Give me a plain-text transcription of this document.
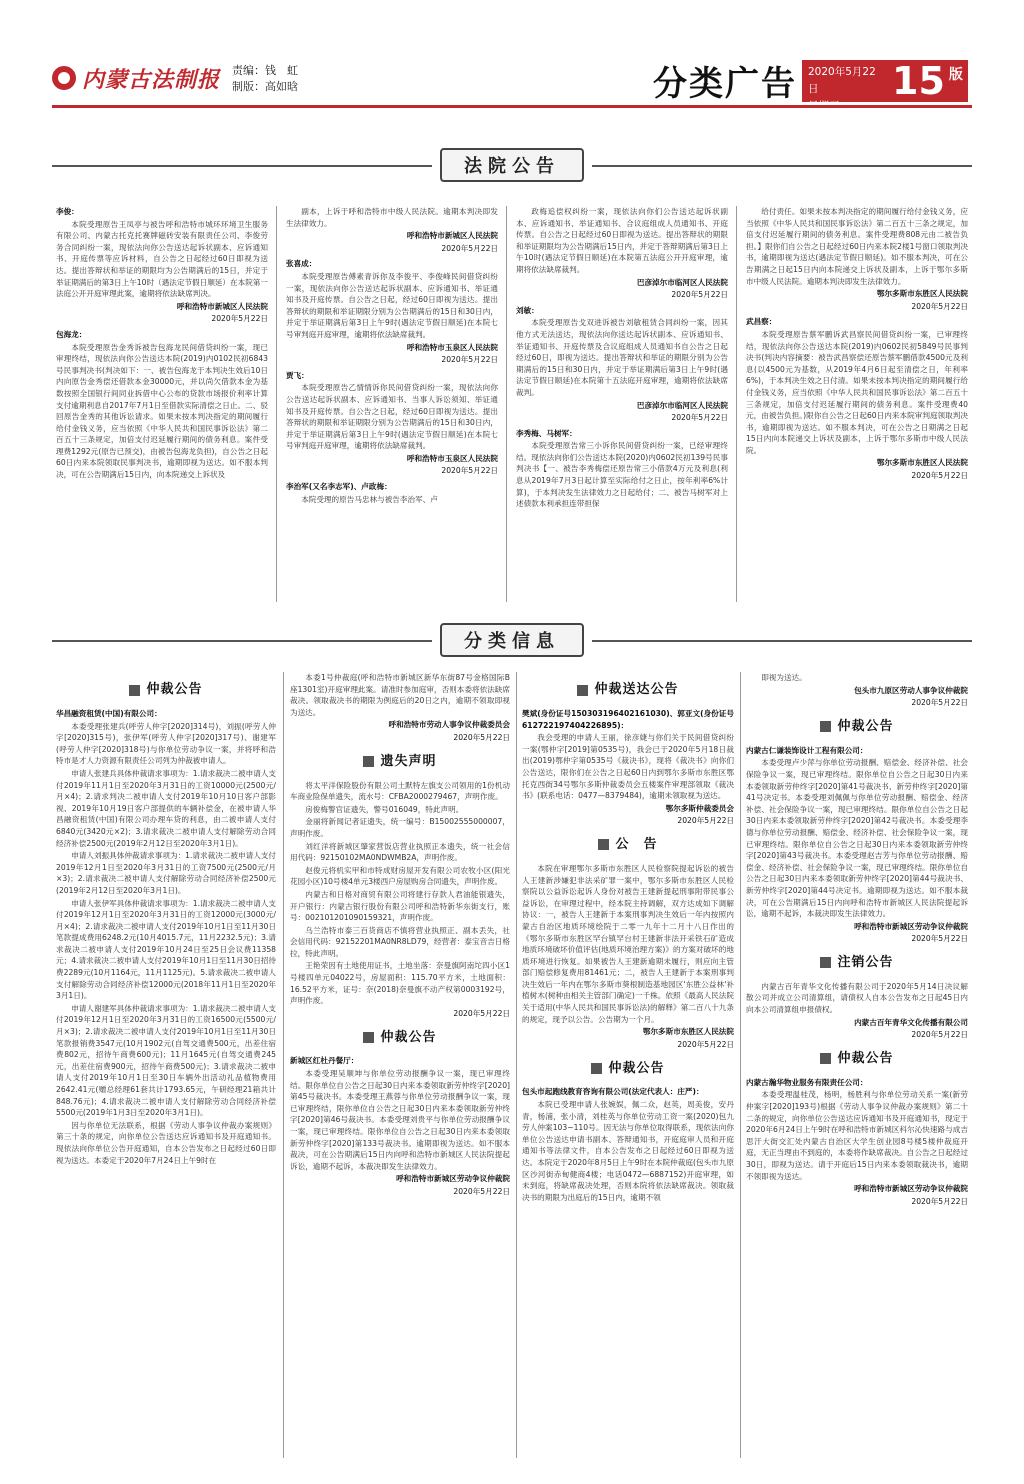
内蒙古法制报 责编：钱　虹
制版：高如晗	分类广告 2020年5月22日	15 版
法院公告

李俊：

本院受理原告王凤亭与被告呼和浩特市城环环境卫生服务有限公司、内蒙古托克托赛牌磁砖安装有限责任公司、李俊劳务合同纠纷一案，现依法向你公告送达起诉状副本、应诉通知书、开庭传票等应诉材料，自公告之日起经过60日即视为送达。提出答辩状和举证的期限均为公告期满后的15日，并定于举证期满后的第3日上午10时（遇法定节假日顺延）在本院第一法庭公开开庭审理此案，逾期将依法缺席判决。

呼和浩特市新城区人民法院

2020年5月22日

包海龙：

本院受理原告金秀诉被告包海龙民间借贷纠纷一案，现已审理终结，现依法向你公告送达本院(2019)内0102民初6843号民事判决书(判决如下：一、被告包海龙于本判决生效后10日内向原告金秀偿还借款本金30000元，并以尚欠借款本金为基数按照全国银行间同业拆借中心公布的贷款市场报价利率计算支付逾期利息自2017年7月1日至借款实际清偿之日止。二、驳回原告金秀的其他诉讼请求。如果未按本判决指定的期间履行给付金钱义务，应当依照《中华人民共和国民事诉讼法》第二百五十三条规定，加倍支付迟延履行期间的债务利息。案件受理费1292元(原告已预交)，由被告包海龙负担)，自公告之日起60日内来本院领取民事判决书，逾期即视为送达。如不服本判决，可在公告期满后15日内，向本院递交上诉状及

副本，上诉于呼和浩特市中级人民法院。逾期本判决即发生法律效力。

呼和浩特市新城区人民法院

2020年5月22日

张喜成：

本院受理原告傅素青诉你及李俊平、李俊峰民间借贷纠纷一案，现依法向你公告送达起诉状副本、应诉通知书、举证通知书及开庭传票。自公告之日起，经过60日即视为送达。提出答辩状的期限和举证期限分别为公告期满后的15日和30日内，并定于举证期满后第3日上午9时(遇法定节假日顺延)在本院七号审判庭开庭审理，逾期将依法缺席裁判。

呼和浩特市玉泉区人民法院

2020年5月22日

贾飞：

本院受理原告乙情情诉你民间借贷纠纷一案，现依法向你公告送达起诉状副本、应诉通知书、当事人诉讼须知、举证通知书及开庭传票。自公告之日起，经过60日即视为送达。提出答辩状的期限和举证期限分别为公告期满后的15日和30日内，并定于举证期满后第3日上午9时(遇法定节假日顺延)在本院七号审判庭开庭审理，逾期将依法缺席裁判。

呼和浩特市玉泉区人民法院

2020年5月22日

李治军(又名李志军)、卢政梅：

本院受理的原告马忠林与被告李治军、卢

政梅追偿权纠纷一案，现依法向你们公告送达起诉状副本、应诉通知书、举证通知书、合议庭组成人员通知书、开庭传票。自公告之日起经过60日即视为送达。提出答辩状的期限和举证期限均为公告期满后15日内，并定于答辩期满后第3日上午10时(遇法定节假日顺延)在本院第五法庭公开开庭审理，逾期将依法缺席裁判。

巴彦淖尔市临河区人民法院

2020年5月22日

刘敏：

本院受理原告戈双进诉被告刘敏租赁合同纠纷一案，因其他方式无法送达，现依法向你送达起诉状副本、应诉通知书、举证通知书、开庭传票及合议庭组成人员通知书自公告之日起经过60日，即视为送达。提出答辩状和举证的期限分别为公告期满后的15日和30日内，并定于举证期满后第3日上午9时(遇法定节假日顺延)在本院第十五法庭开庭审理，逾期将依法缺席裁判。

巴彦淖尔市临河区人民法院

2020年5月22日

李秀梅、马树军：

本院受理原告常三小诉你民间借贷纠纷一案，已经审理终结。现依法向你们公告送达本院(2020)内0602民初139号民事判决书【一、被告李秀梅偿还原告常三小借款4万元及利息(利息从2019年7月3日起计算至实际给付之日止，按年利率6%计算)，于本判决发生法律效力之日起给付；二、被告马树军对上述债款本利承担连带担保

给付责任。如果未按本判决指定的期间履行给付金钱义务，应当依照《中华人民共和国民事诉讼法》第二百五十三条之规定，加倍支付迟延履行期间的债务利息。案件受理费808元由二被告负担。】限你们自公告之日起经过60日内来本院2楼1号窗口领取判决书，逾期即视为送达(遇法定节假日顺延)。如不服本判决，可在公告期满之日起15日内向本院递交上诉状及副本，上诉于鄂尔多斯市中级人民法院。逾期本判决即发生法律效力。

鄂尔多斯市东胜区人民法院

2020年5月22日

武昌察：

本院受理原告蔡军鹏诉武昌察民间借贷纠纷一案，已审理终结，现依法向你公告送达本院(2019)内0602民初5849号民事判决书(判决内容摘要：被告武昌察偿还原告蔡军鹏借款4500元及利息(以4500元为基数，从2019年4月6日起至清偿之日，年利率6%)，于本判决生效之日付清。如果未按本判决指定的期间履行给付金钱义务，应当依照《中华人民共和国民事诉讼法》第二百五十三条规定，加倍支付迟延履行期间的债务利息。案件受理费40元，由被告负担。)限你自公告之日起60日内来本院审判庭领取判决书，逾期即视为送达。如不服本判决，可在公告之日期满之日起15日内向本院递交上诉状及副本，上诉于鄂尔多斯市中级人民法院。

鄂尔多斯市东胜区人民法院

2020年5月22日

分类信息
仲裁公告

华昌融资租赁(中国)有限公司：

本委受理张建兵(呼劳人仲字[2020]314号)，刘振(呼劳人仲字[2020]315号)，张伊军(呼劳人仲字[2020]317号)、谢建军(呼劳人仲字[2020]318号)与你单位劳动争议一案，并将呼和浩特市是才人力资源有限责任公司列为仲裁被申请人。

申请人张建兵具体仲裁请求事项为：1.请求裁决二被申请人支付2019年11月1日至2020年3月31日的工资10000元(2500元/月×4)；2.请求判决二被申请人支付2019年10月10日客户部影视、2019年10月19日客户部提供的车辆补偿金，在被申请人华昌融资租赁(中国)有限公司办理车贷的利息，由二被申请人支付6840元(3420元×2)；3.请求裁决二被申请人支付解除劳动合同经济补偿2500元(2019年2月12日至2020年3月1日)。

申请人刘振具体仲裁请求事项为：1.请求裁决二被申请人支付2019年12月1日至2020年3月31日的工资7500元(2500元/月×3)；2.请求裁决二被申请人支付解除劳动合同经济补偿2500元(2019年2月12日至2020年3月1日)。

申请人张伊军具体仲裁请求事项为：1.请求裁决二被申请人支付2019年12月1日至2020年3月31日的工资12000元(3000元/月×4)；2.请求裁决二被申请人支付2019年10月1日至11月30日笔款提成费用6248.2元(10月4015.7元，11月2232.5元)；3.请求裁决二被申请人支付2019年10月24日至25日会议费11358元；4.请求裁决二被申请人支付2019年10月1日至11月30日招待费2289元(10月1164元，11月1125元)。5.请求裁决二被申请人支付解除劳动合同经济补偿12000元(2018年11月1日至2020年3月1日)。

申请人谢建军具体仲裁请求事项为：1.请求裁决二被申请人支付2019年12月1日至2020年3月31日的工资16500元(5500元/月×3)；2.请求裁决二被申请人支付2019年10月1日至11月30日笔款报销费3547元(10月1902元(自驾交通费500元，出差住宿费802元，招待午商费600元)；11月1645元(自驾交通费245元，出差住宿费900元，招待午商费500元)；3.请求裁决二被申请人支付2019年10月1日至30日车辆外出活动礼品植物费用2642.41元(赠总经理61套共计1793.65元，午研经理21箱共计848.76元)；4.请求裁决二被申请人支付解除劳动合同经济补偿5500元(2019年1月3日至2020年3月1日)。

因与你单位无法联系，根据《劳动人事争议仲裁办案规则》第三十条的规定，向你单位公告送达应诉通知书及开庭通知书。现依法向你单位公告开庭通知，自本公告发布之日起经过60日即视为送达。本委定于2020年7月24日上午9时在

本委1号仲裁庭(呼和浩特市新城区新华东街87号金格国际B座1301室)开庭审理此案。请准时参加庭审，否则本委将依法缺席裁决。领取裁决书的期限为例庭后的20日之内，逾期不领取即视为送达。

呼和浩特市劳动人事争议仲裁委员会

2020年5月22日

遗失声明

将太平洋保险股份有限公司土默特左旗支公司领用的1份机动车商业险保单遗失，流水号：CFBA2000279467，声明作废。

房俊梅警官证遗失，警号016049，特此声明。

金丽将新闻记者证遗失，统一编号：B15002555000007，声明作废。

刘红洋将新城区肇家营饭店营业执照正本遗失，统一社会信用代码：92150102MA0NDWMB2A，声明作废。

赵俊元将机实甲和市特成财房屋开发有限公司农牧小区(阳光花园小区)10号楼4单元3楼西户房屋购房合同遗失，声明作废。

内蒙古和日格对商贸有限公司将建行存款人君油能银遗失，开户银行：内蒙古银行股份有限公司呼和浩特新华东街支行，账号：002101201090159321，声明作废。

乌兰浩特市泰三百货商店不慎将营业执照正、副本丢失，社会信用代码：92152201MA0NR8LD79，经营者：泰宝音吉日格拉，特此声明。

王艳荣因有土地使用证书，土地坐落：奈曼旗阿南坨四小区1号楼四单元04022号，房屋面积：115.70平方米，土地面积：16.52平方米，证号：奈(2018)奈曼旗不动产权第0003192号，声明作废。

2020年5月22日

仲裁公告

新城区红杜丹餐厅：

本委受理吴顺坤与你单位劳动报酬争议一案，现已审理终结。限你单位自公告之日起30日内来本委领取新劳仲终字[2020]第45号裁决书。本委受理王燕蓉与你单位劳动报酬争议一案，现已审理终结，限你单位自公告之日起30日内来本委领取新劳仲终字[2020]第46号裁决书。本委受理刘贵平与你单位劳动报酬争议一案，现已审理终结。限你单位自公告之日起30日内来本委领取新劳仲终字[2020]第133号裁决书。逾期即视为送达。如不服本裁决，可在公告期满后15日内向呼和浩特市新城区人民法院提起诉讼，逾期不起诉，本裁决即发生法律效力。

呼和浩特市新城区劳动争议仲裁院

2020年5月22日

仲裁送达公告

樊斌(身份证号150303196402161030)、郭亚文(身份证号612722197404226895)：

我会受理的申请人王丽，徐彦婕与你们关于民间借贷纠纷一案(鄂仲字[2019]第0535号)，我会已于2020年5月18日裁出(2019)鄂仲字第0535号《裁决书》，现将《裁决书》向你们公告送达，限你们在公告之日起60日内到鄂尔多斯市东胜区鄂托克西街34号鄂尔多斯仲裁委员会五楼案件审理部领取《裁决书》(联系电话：0477—8379484)，逾期未领取视为送达。

鄂尔多斯仲裁委员会

2020年5月22日

公　告

本院在审理鄂尔多斯市东胜区人民检察院提起诉讼的被告人王建新涉嫌犯非法采矿罪一案中，鄂尔多斯市东胜区人民检察院以公益诉讼起诉人身份对被告王建新提起刑事附带民事公益诉讼，在审理过程中，经本院主持调解，双方达成如下调解协议：一，被告人王建新于本案刑事判决生效后一年内按照内蒙古自治区地质环境绘院于二零一九年十二月十八日作出的《鄂尔多斯市东胜区罕台镇罕台村王建新非法开采铁石矿造成地质环境破坏价值评估(地质环境治理方案)》的方案对破坏的地质环境进行恢复。如果被告人王建新逾期未履行，则应向主管部门赔偿修复费用81461元；二，被告人王建新于本案刑事判决生效后一年内在鄂尔多斯市葵根制造基地园区'东胜公益林'补植树木(树种由相关主管部门确定)一千株。依照《最高人民法院关于适用(中华人民共和国民事诉讼法)的解释》第二百八十九条的规定，现予以公告。公告期为一个月。

鄂尔多斯市东胜区人民法院

2020年5月22日

仲裁公告

包头市起跑线教育咨询有限公司(法定代表人：庄严)：

本院已受理申请人张婉娱，佩二众，赵英，周美俊，安丹青，杨浦，张小清，刘桂英与你单位劳动工资一案(2020)包九劳人仲案103~110号。因无法与你单位取得联系，现依法向你单位公告送达申请书副本、答辩通知书，开庭庭审人员和开庭通知书等法律文件，自本公告发布之日起经过60日即视为送达。本院定于2020年8月5日上午9时在本院仲裁庭(包头市九原区沙河街赤甸健商4楼；电话0472—6887152)开庭审理，如未到庭，将缺席裁决处理，否则本院将依法缺席裁决。领取裁决书的期限为出庭后的15日内，逾期不领

即视为送达。

包头市九原区劳动人事争议仲裁院

2020年5月22日

仲裁公告

内蒙古仁谦装饰设计工程有限公司：

本委受理卢少萍与你单位劳动报酬、赔偿金、经济补偿、社会保险争议一案，现已审理终结。限你单位自公告之日起30日内来本委领取新劳仲终字[2020]第41号裁决书、新劳仲终字[2020]第41号决定书。本委受理刘佩佩与你单位劳动报酬、赔偿金、经济补偿、社会保险争议一案，现已审理终结。限你单位自公告之日起30日内来本委领取新劳仲终字[2020]第42号裁决书。本委受理李德与你单位劳动报酬、赔偿金、经济补偿、社会保险争议一案，现已审理终结。限你单位自公告之日起30日内来本委领取新劳仲终字[2020]第43号裁决书。本委受理赵吉芳与你单位劳动报酬、赔偿金、经济补偿、社会保险争议一案，现已审理终结。限你单位自公告之日起30日内来本委领取新劳仲终字[2020]第44号裁决书、新劳仲终字[2020]第44号决定书。逾期即视为送达。如不服本裁决，可在公告期满后15日内向呼和浩特市新城区人民法院提起诉讼，逾期不起诉，本裁决即发生法律效力。

呼和浩特市新城区劳动争议仲裁院

2020年5月22日

注销公告

内蒙古百年青华文化传播有限公司于2020年5月14日决议解散公司并成立公司清算组，请债权人自本公告发布之日起45日内向本公司清算组申报债权。

内蒙古百年青华文化传播有限公司

2020年5月22日

仲裁公告

内蒙古瀚华物业服务有限责任公司：

本委受理温桂茂，杨明，杨胜利与你单位劳动关系一案(新劳仲案字[2020]193号)根据《劳动人事争议仲裁办案规则》第二十二条的规定，向你单位公告送达应诉通知书及开庭通知书，现定于2020年6月24日上午9时在呼和浩特市新城区科尔沁快速路与成吉思汗大街交汇处内蒙古自治区大学生创业园8号楼5楼仲裁庭开庭，无正当理由不到庭的，本委将作缺席裁决。自公告之日起经过30日，即视为送达。请于开庭后15日内来本委领取裁决书，逾期不领即视为送达。

呼和浩特市新城区劳动争议仲裁院

2020年5月22日
